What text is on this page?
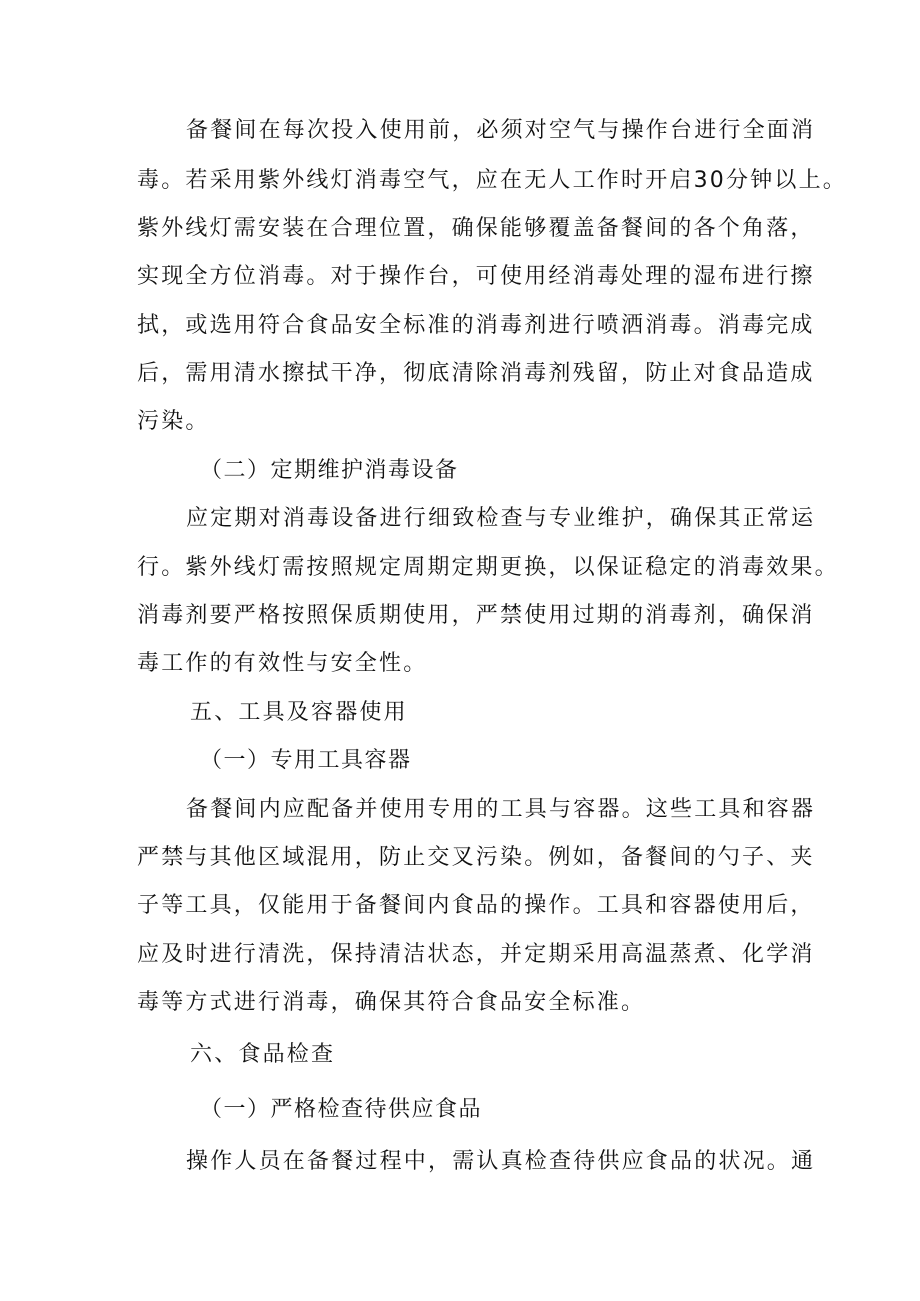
备餐间在每次投入使用前，必须对空气与操作台进行全面消
毒。若采用紫外线灯消毒空气，应在无人工作时开启30分钟以上。
紫外线灯需安装在合理位置，确保能够覆盖备餐间的各个角落，
实现全方位消毒。对于操作台，可使用经消毒处理的湿布进行擦
拭，或选用符合食品安全标准的消毒剂进行喷洒消毒。消毒完成
后，需用清水擦拭干净，彻底清除消毒剂残留，防止对食品造成
污染。
（二）定期维护消毒设备
应定期对消毒设备进行细致检查与专业维护，确保其正常运
行。紫外线灯需按照规定周期定期更换，以保证稳定的消毒效果。
消毒剂要严格按照保质期使用，严禁使用过期的消毒剂，确保消
毒工作的有效性与安全性。
五、工具及容器使用
（一）专用工具容器
备餐间内应配备并使用专用的工具与容器。这些工具和容器
严禁与其他区域混用，防止交叉污染。例如，备餐间的勺子、夹
子等工具，仅能用于备餐间内食品的操作。工具和容器使用后，
应及时进行清洗，保持清洁状态，并定期采用高温蒸煮、化学消
毒等方式进行消毒，确保其符合食品安全标准。
六、食品检查
（一）严格检查待供应食品
操作人员在备餐过程中，需认真检查待供应食品的状况。通
